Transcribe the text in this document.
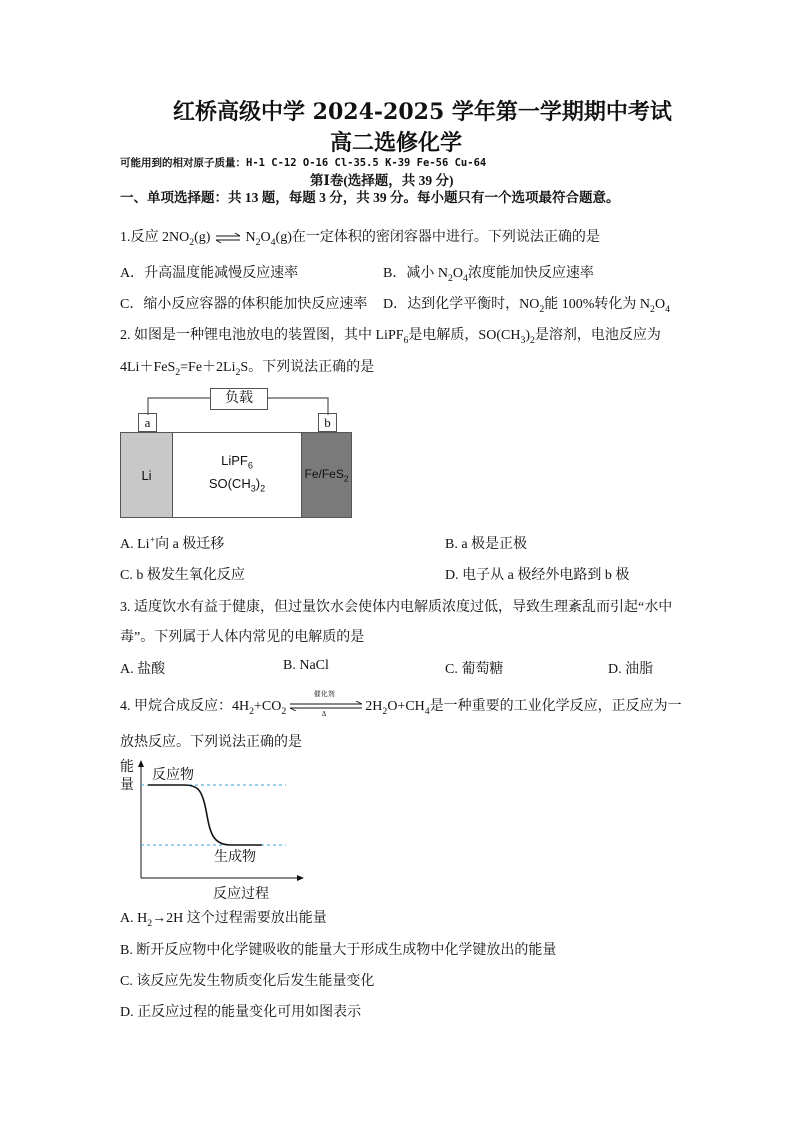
红桥高级中学 2024-2025 学年第一学期期中考试
高二选修化学
可能用到的相对原子质量：H-1 C-12 O-16 Cl-35.5 K-39 Fe-56 Cu-64
第Ⅰ卷(选择题，共 39 分)
一、单项选择题：共 13 题，每题 3 分，共 39 分。每小题只有一个选项最符合题意。
1.反应 $2NO_2(g)$ ⇌ $N_2O_4(g)$在一定体积的密闭容器中进行。下列说法正确的是
A．升高温度能减慢反应速率	B．减小 $N_2O_4$浓度能加快反应速率
C．缩小反应容器的体积能加快反应速率 D．达到化学平衡时，$NO_2$能 100%转化为 $N_2O_4$
2. 如图是一种锂电池放电的装置图，其中 LiPF$_6$是电解质，$SO(CH_3)_2$是溶剂，电池反应为
$4Li+FeS_2=Fe+2Li_2S$。下列说法正确的是
负载
a	b
Li
LiPF$_6$
$SO(CH_3)_2$
Fe/FeS$_2$
A. Li+向 a 极迁移	B. a 极是正极
C. b 极发生氧化反应	D. 电子从 a 极经外电路到 b 极
3. 适度饮水有益于健康，但过量饮水会使体内电解质浓度过低，导致生理紊乱而引起“水中
毒”。下列属于人体内常见的电解质的是
A. 盐酸	B. NaCl	C. 葡萄糖	D. 油脂
4. 甲烷合成反应：$4H_2+CO_2$
催化剂
Δ	$2H_2O+CH_4$是一种重要的工业化学反应，正反应为一
放热反应。下列说法正确的是
能
量
反应物
生成物
反应过程
A. $H_2\to 2H$ 这个过程需要放出能量
B. 断开反应物中化学键吸收的能量大于形成生成物中化学键放出的能量
C. 该反应先发生物质变化后发生能量变化
D. 正反应过程的能量变化可用如图表示
